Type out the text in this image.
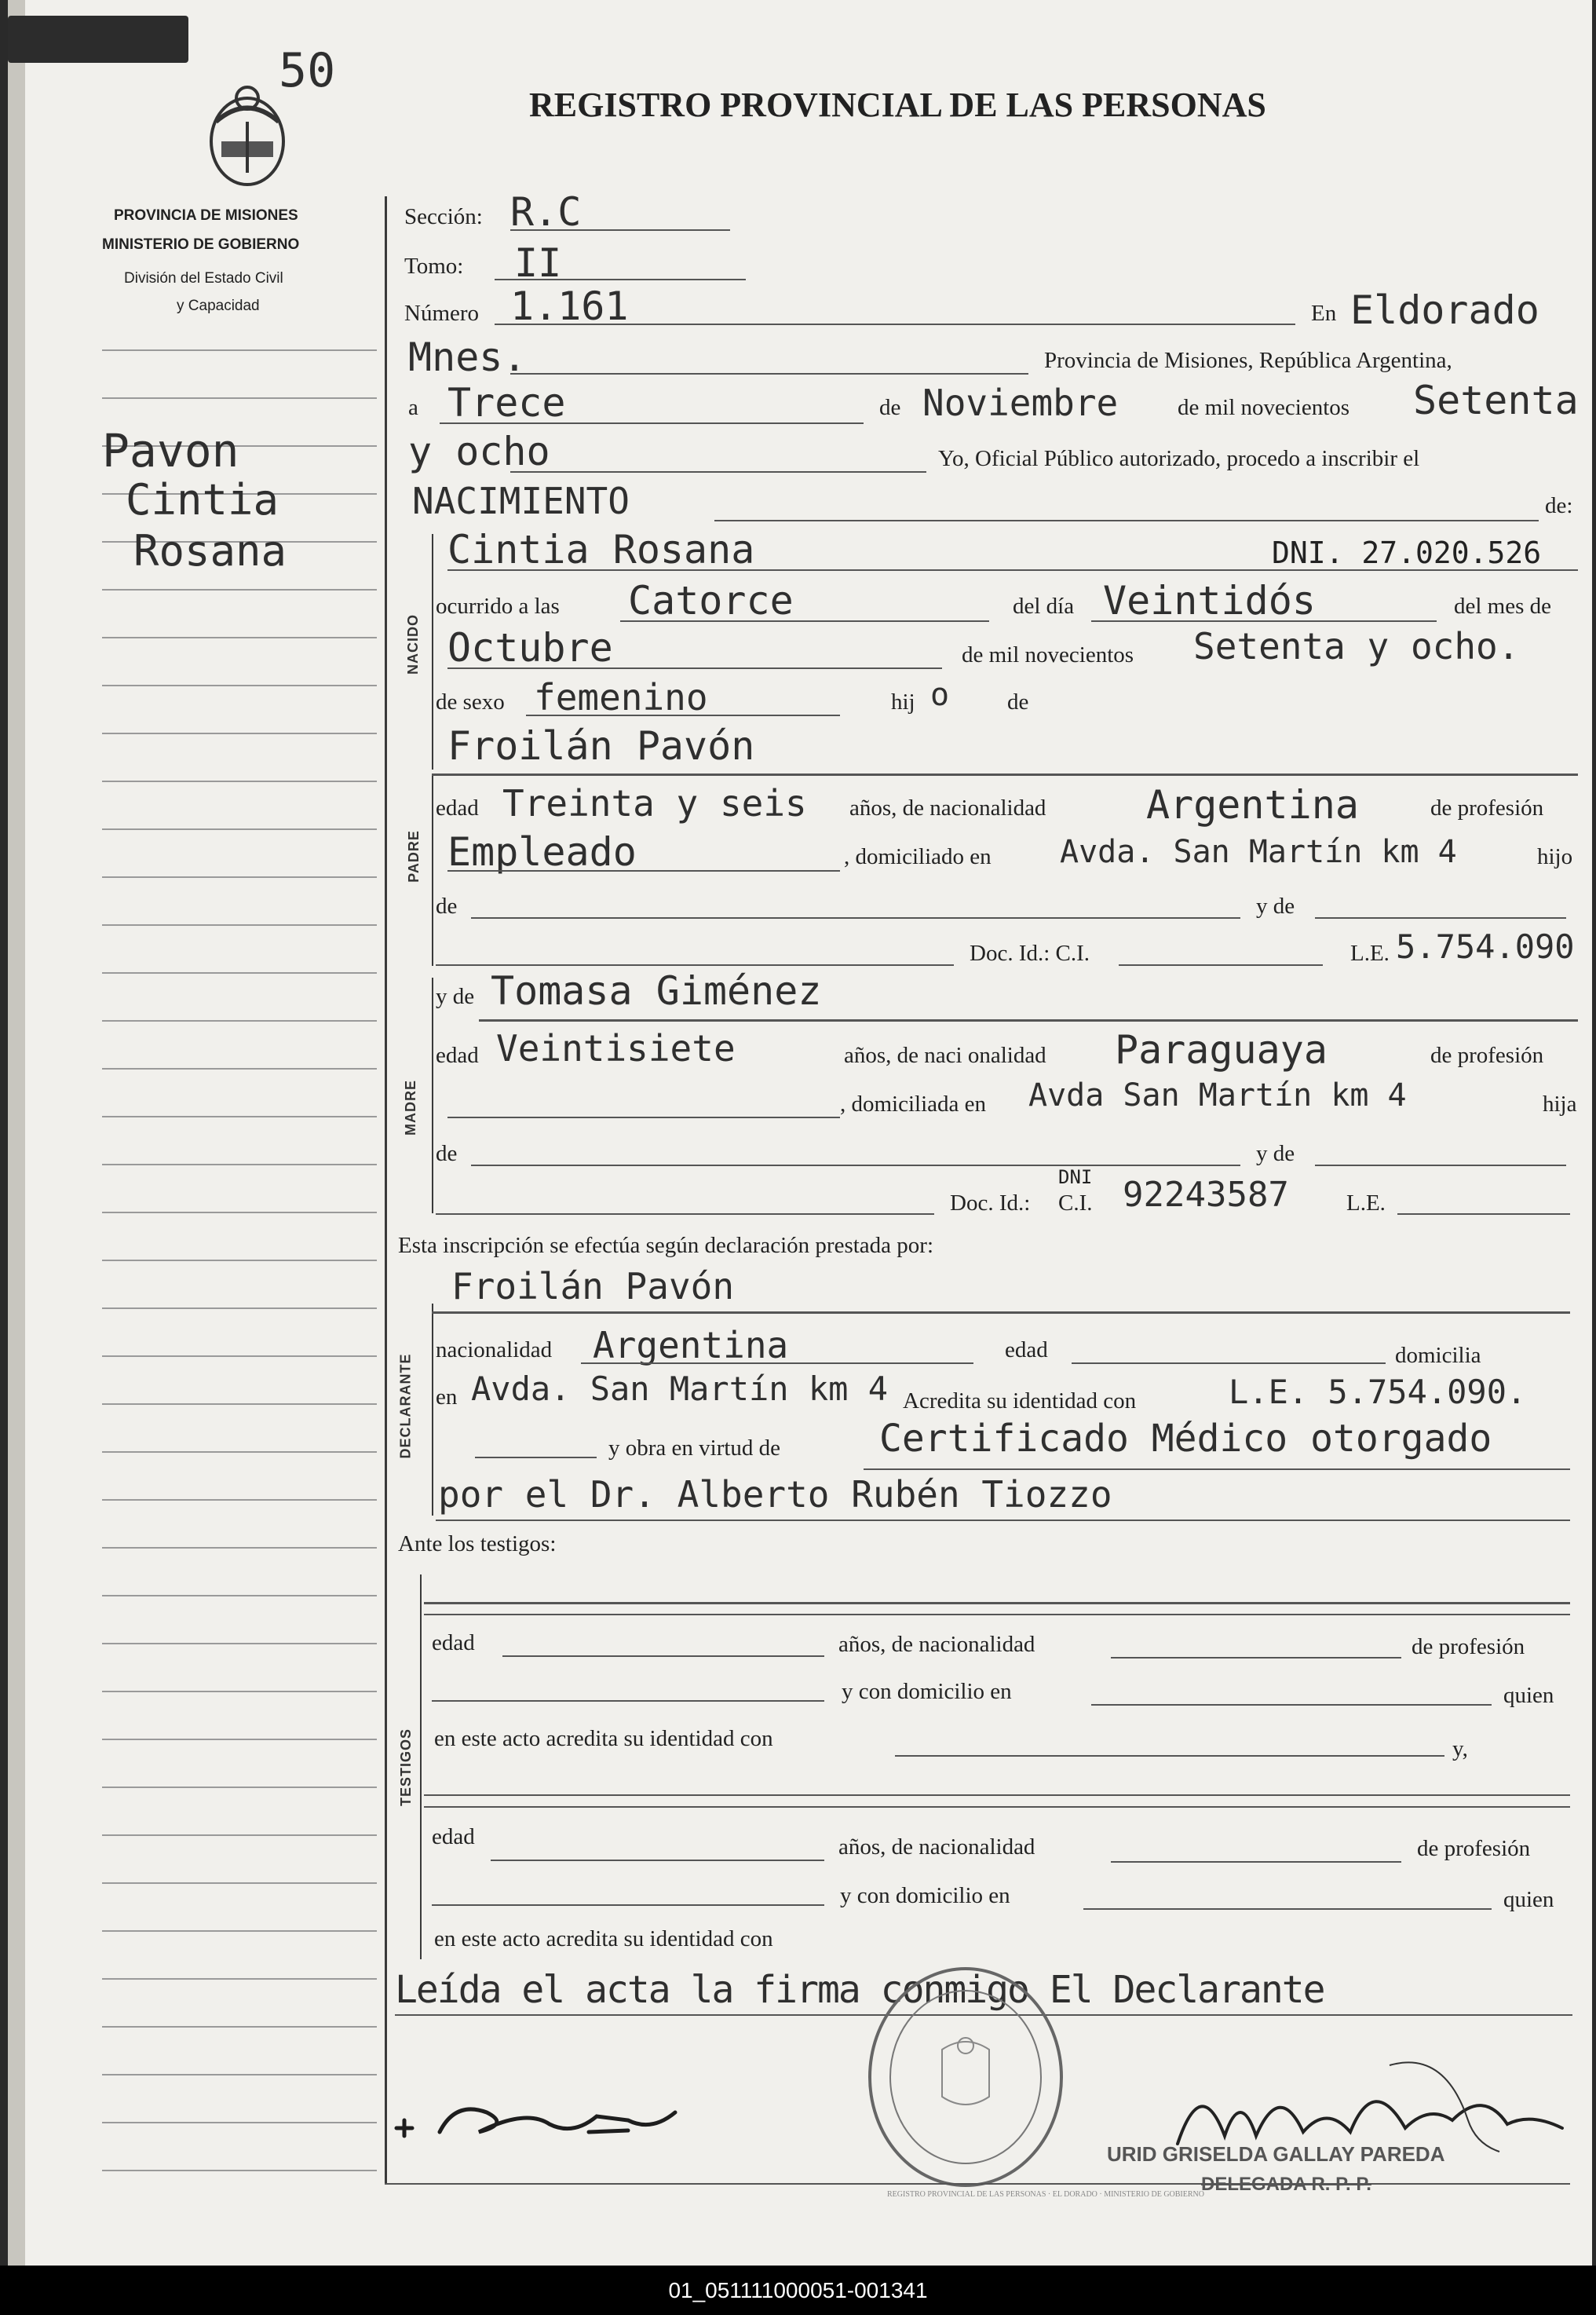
50
REGISTRO PROVINCIAL DE LAS PERSONAS
PROVINCIA DE MISIONES
MINISTERIO DE GOBIERNO
División del Estado Civil
y Capacidad
Pavon
Cintia
Rosana
Sección: R.C
Tomo: II
Número 1.161	En Eldorado
Mnes.	Provincia de Misiones, República Argentina,
a Trece	de Noviembre	de mil novecientos Setenta
y ocho	Yo, Oficial Público autorizado, procedo a inscribir el
NACIMIENTO	de:
NACIDO
Cintia Rosana	DNI. 27.020.526
ocurrido a las Catorce	del día Veintidós	del mes de
Octubre	de mil novecientos Setenta y ocho.
de sexo femenino	hij o	de
PADRE
Froilán Pavón
edad Treinta y seis años, de nacionalidad	Argentina	de profesión
Empleado	, domiciliado en Avda. San Martín km 4	hijo
de	y de
Doc. Id.: C.I.	L.E. 5.754.090
MADRE
y de Tomasa Giménez
edad Veintisiete	años, de naci onalidad Paraguaya	de profesión
, domiciliada en Avda San Martín km 4	hija
de	y de
Doc. Id.:
DNI
C.I. 92243587	L.E.
Esta inscripción se efectúa según declaración prestada por:
DECLARANTE
Froilán Pavón
nacionalidad Argentina	edad	domicilia
en Avda. San Martín km 4 Acredita su identidad con	L.E. 5.754.090.
y obra en virtud de	Certificado Médico otorgado
por el Dr. Alberto Rubén Tiozzo
Ante los testigos:
TESTIGOS
edad	años, de nacionalidad	de profesión
y con domicilio en	quien
en este acto acredita su identidad con	y,
edad	años, de nacionalidad	de profesión
y con domicilio en	quien
en este acto acredita su identidad con
Leída el acta la firma conmigo El Declarante
REGISTRO PROVINCIAL DE LAS PERSONAS · EL DORADO · MINISTERIO DE GOBIERNO
URID GRISELDA GALLAY PAREDA
DELEGADA R. P. P.
01_051111000051-001341
